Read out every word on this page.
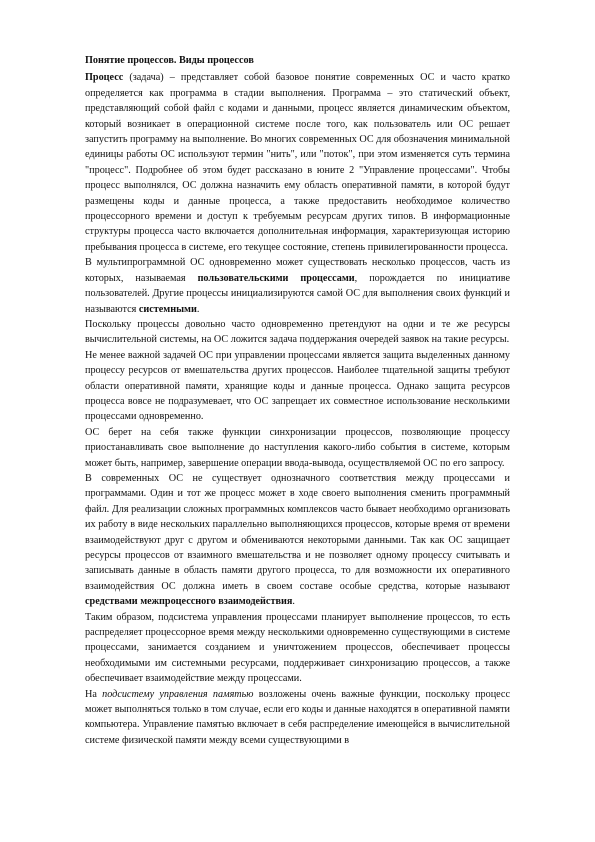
Понятие процессов. Виды процессов

Процесс (задача) – представляет собой базовое понятие современных ОС и часто кратко определяется как программа в стадии выполнения. Программа – это статический объект, представляющий собой файл с кодами и данными, процесс является динамическим объектом, который возникает в операционной системе после того, как пользователь или ОС решает запустить программу на выполнение. Во многих современных ОС для обозначения минимальной единицы работы ОС используют термин "нить", или "поток", при этом изменяется суть термина "процесс". Подробнее об этом будет рассказано в юните 2 "Управление процессами". Чтобы процесс выполнялся, ОС должна назначить ему область оперативной памяти, в которой будут размещены коды и данные процесса, а также предоставить необходимое количество процессорного времени и доступ к требуемым ресурсам других типов. В информационные структуры процесса часто включается дополнительная информация, характеризующая историю пребывания процесса в системе, его текущее состояние, степень привилегированности процесса.

В мультипрограммной ОС одновременно может существовать несколько процессов, часть из которых, называемая пользовательскими процессами, порождается по инициативе пользователей. Другие процессы инициализируются самой ОС для выполнения своих функций и называются системными.

Поскольку процессы довольно часто одновременно претендуют на одни и те же ресурсы вычислительной системы, на ОС ложится задача поддержания очередей заявок на такие ресурсы.

Не менее важной задачей ОС при управлении процессами является защита выделенных данному процессу ресурсов от вмешательства других процессов. Наиболее тщательной защиты требуют области оперативной памяти, хранящие коды и данные процесса. Однако защита ресурсов процесса вовсе не подразумевает, что ОС запрещает их совместное использование несколькими процессами одновременно.

ОС берет на себя также функции синхронизации процессов, позволяющие процессу приостанавливать свое выполнение до наступления какого-либо события в системе, которым может быть, например, завершение операции ввода-вывода, осуществляемой ОС по его запросу.

В современных ОС не существует однозначного соответствия между процессами и программами. Один и тот же процесс может в ходе своего выполнения сменить программный файл. Для реализации сложных программных комплексов часто бывает необходимо организовать их работу в виде нескольких параллельно выполняющихся процессов, которые время от времени взаимодействуют друг с другом и обмениваются некоторыми данными. Так как ОС защищает ресурсы процессов от взаимного вмешательства и не позволяет одному процессу считывать и записывать данные в область памяти другого процесса, то для возможности их оперативного взаимодействия ОС должна иметь в своем составе особые средства, которые называют средствами межпроцессного взаимодействия.

Таким образом, подсистема управления процессами планирует выполнение процессов, то есть распределяет процессорное время между несколькими одновременно существующими в системе процессами, занимается созданием и уничтожением процессов, обеспечивает процессы необходимыми им системными ресурсами, поддерживает синхронизацию процессов, а также обеспечивает взаимодействие между процессами.

На подсистему управления памятью возложены очень важные функции, поскольку процесс может выполняться только в том случае, если его коды и данные находятся в оперативной памяти компьютера. Управление памятью включает в себя распределение имеющейся в вычислительной системе физической памяти между всеми существующими в
